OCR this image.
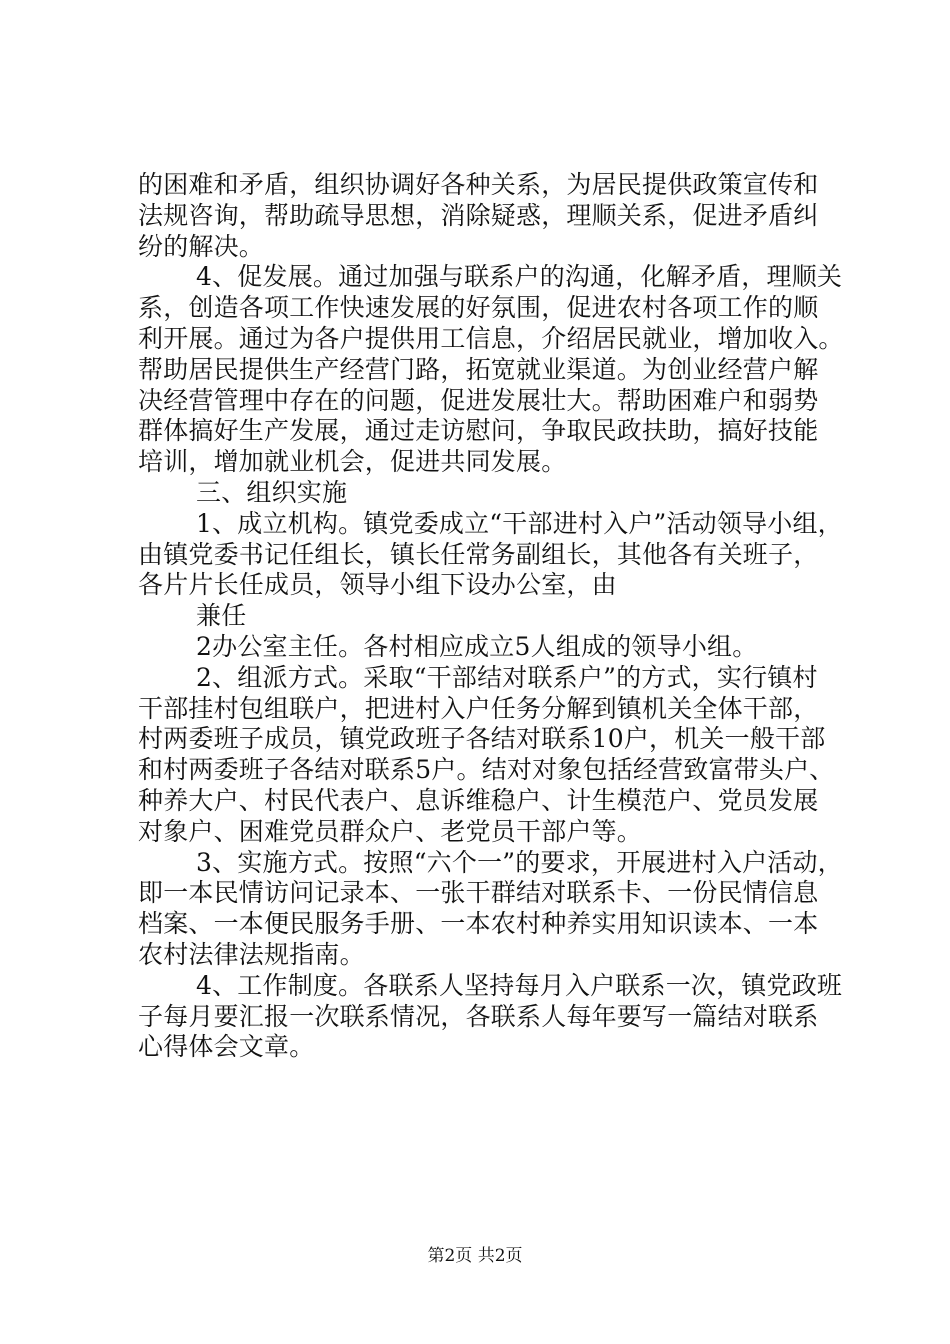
的困难和矛盾，组织协调好各种关系，为居民提供政策宣传和
法规咨询，帮助疏导思想，消除疑惑，理顺关系，促进矛盾纠
纷的解决。
4、促发展。通过加强与联系户的沟通，化解矛盾，理顺关
系，创造各项工作快速发展的好氛围，促进农村各项工作的顺
利开展。通过为各户提供用工信息，介绍居民就业，增加收入。
帮助居民提供生产经营门路，拓宽就业渠道。为创业经营户解
决经营管理中存在的问题，促进发展壮大。帮助困难户和弱势
群体搞好生产发展，通过走访慰问，争取民政扶助，搞好技能
培训，增加就业机会，促进共同发展。
三、组织实施
1、成立机构。镇党委成立“干部进村入户”活动领导小组，
由镇党委书记任组长，镇长任常务副组长，其他各有关班子，
各片片长任成员，领导小组下设办公室，由
兼任
2办公室主任。各村相应成立5人组成的领导小组。
2、组派方式。采取“干部结对联系户”的方式，实行镇村
干部挂村包组联户，把进村入户任务分解到镇机关全体干部，
村两委班子成员，镇党政班子各结对联系10户，机关一般干部
和村两委班子各结对联系5户。结对对象包括经营致富带头户、
种养大户、村民代表户、息诉维稳户、计生模范户、党员发展
对象户、困难党员群众户、老党员干部户等。
3、实施方式。按照“六个一”的要求，开展进村入户活动，
即一本民情访问记录本、一张干群结对联系卡、一份民情信息
档案、一本便民服务手册、一本农村种养实用知识读本、一本
农村法律法规指南。
4、工作制度。各联系人坚持每月入户联系一次，镇党政班
子每月要汇报一次联系情况，各联系人每年要写一篇结对联系
心得体会文章。
第2页 共2页
